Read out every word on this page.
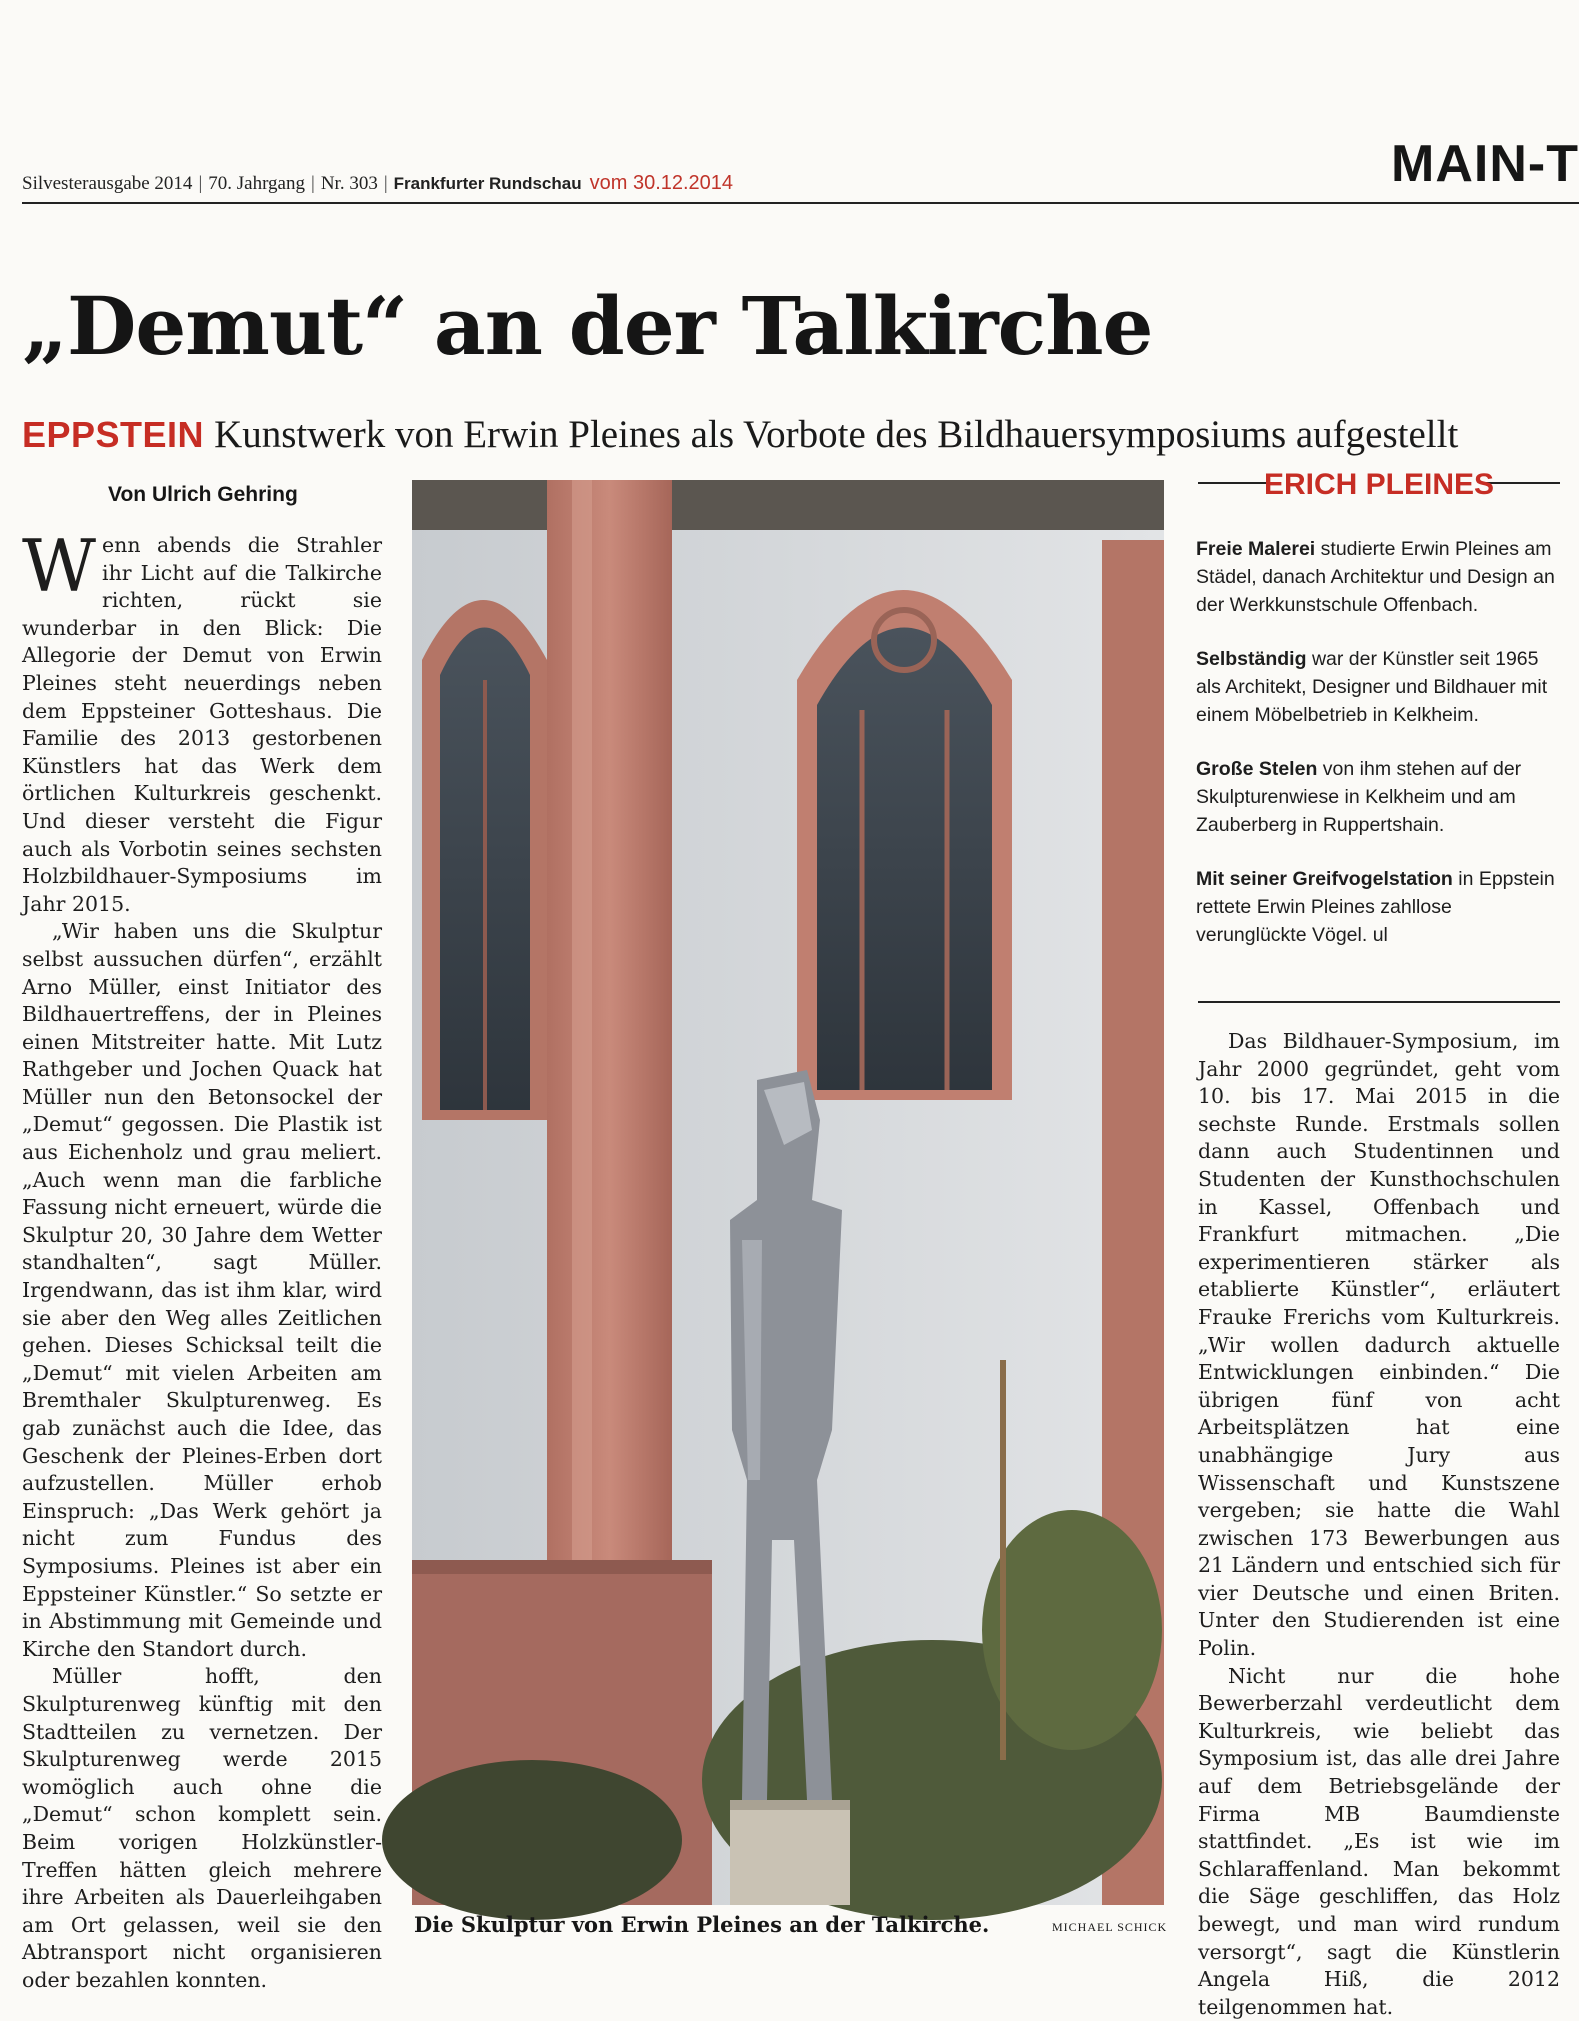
Silvesterausgabe 2014 | 70. Jahrgang | Nr. 303 | Frankfurter Rundschau vom 30.12.2014	MAIN-T
„Demut“ an der Talkirche
EPPSTEIN Kunstwerk von Erwin Pleines als Vorbote des Bildhauersymposiums aufgestellt
Von Ulrich Gehring

Wenn abends die Strahler ihr Licht auf die Talkirche richten, rückt sie wunderbar in den Blick: Die Allegorie der Demut von Erwin Pleines steht neuerdings neben dem Eppsteiner Gotteshaus. Die Familie des 2013 gestorbenen Künstlers hat das Werk dem örtlichen Kulturkreis geschenkt. Und dieser versteht die Figur auch als Vorbotin seines sechsten Holzbildhauer-Symposiums im Jahr 2015.

„Wir haben uns die Skulptur selbst aussuchen dürfen“, erzählt Arno Müller, einst Initiator des Bildhauertreffens, der in Pleines einen Mitstreiter hatte. Mit Lutz Rathgeber und Jochen Quack hat Müller nun den Betonsockel der „Demut“ gegossen. Die Plastik ist aus Eichenholz und grau meliert. „Auch wenn man die farbliche Fassung nicht erneuert, würde die Skulptur 20, 30 Jahre dem Wetter standhalten“, sagt Müller. Irgendwann, das ist ihm klar, wird sie aber den Weg alles Zeitlichen gehen. Dieses Schicksal teilt die „Demut“ mit vielen Arbeiten am Bremthaler Skulpturenweg. Es gab zunächst auch die Idee, das Geschenk der Pleines-Erben dort aufzustellen. Müller erhob Einspruch: „Das Werk gehört ja nicht zum Fundus des Symposiums. Pleines ist aber ein Eppsteiner Künstler.“ So setzte er in Abstimmung mit Gemeinde und Kirche den Standort durch.

Müller hofft, den Skulpturenweg künftig mit den Stadtteilen zu vernetzen. Der Skulpturenweg werde 2015 womöglich auch ohne die „Demut“ schon komplett sein. Beim vorigen Holzkünstler-Treffen hätten gleich mehrere ihre Arbeiten als Dauerleihgaben am Ort gelassen, weil sie den Abtransport nicht organisieren oder bezahlen konnten.

Die Skulptur von Erwin Pleines an der Talkirche.	MICHAEL SCHICK
ERICH PLEINES

Freie Malerei studierte Erwin Pleines am Städel, danach Architektur und Design an der Werkkunstschule Offenbach.

Selbständig war der Künstler seit 1965 als Architekt, Designer und Bildhauer mit einem Möbelbetrieb in Kelkheim.

Große Stelen von ihm stehen auf der Skulpturenwiese in Kelkheim und am Zauberberg in Ruppertshain.

Mit seiner Greifvogelstation in Eppstein rettete Erwin Pleines zahllose verunglückte Vögel. ul

Das Bildhauer-Symposium, im Jahr 2000 gegründet, geht vom 10. bis 17. Mai 2015 in die sechste Runde. Erstmals sollen dann auch Studentinnen und Studenten der Kunsthochschulen in Kassel, Offenbach und Frankfurt mitmachen. „Die experimentieren stärker als etablierte Künstler“, erläutert Frauke Frerichs vom Kulturkreis. „Wir wollen dadurch aktuelle Entwicklungen einbinden.“ Die übrigen fünf von acht Arbeitsplätzen hat eine unabhängige Jury aus Wissenschaft und Kunstszene vergeben; sie hatte die Wahl zwischen 173 Bewerbungen aus 21 Ländern und entschied sich für vier Deutsche und einen Briten. Unter den Studierenden ist eine Polin.

Nicht nur die hohe Bewerberzahl verdeutlicht dem Kulturkreis, wie beliebt das Symposium ist, das alle drei Jahre auf dem Betriebsgelände der Firma MB Baumdienste stattfindet. „Es ist wie im Schlaraffenland. Man bekommt die Säge geschliffen, das Holz bewegt, und man wird rundum versorgt“, sagt die Künstlerin Angela Hiß, die 2012 teilgenommen hat.
